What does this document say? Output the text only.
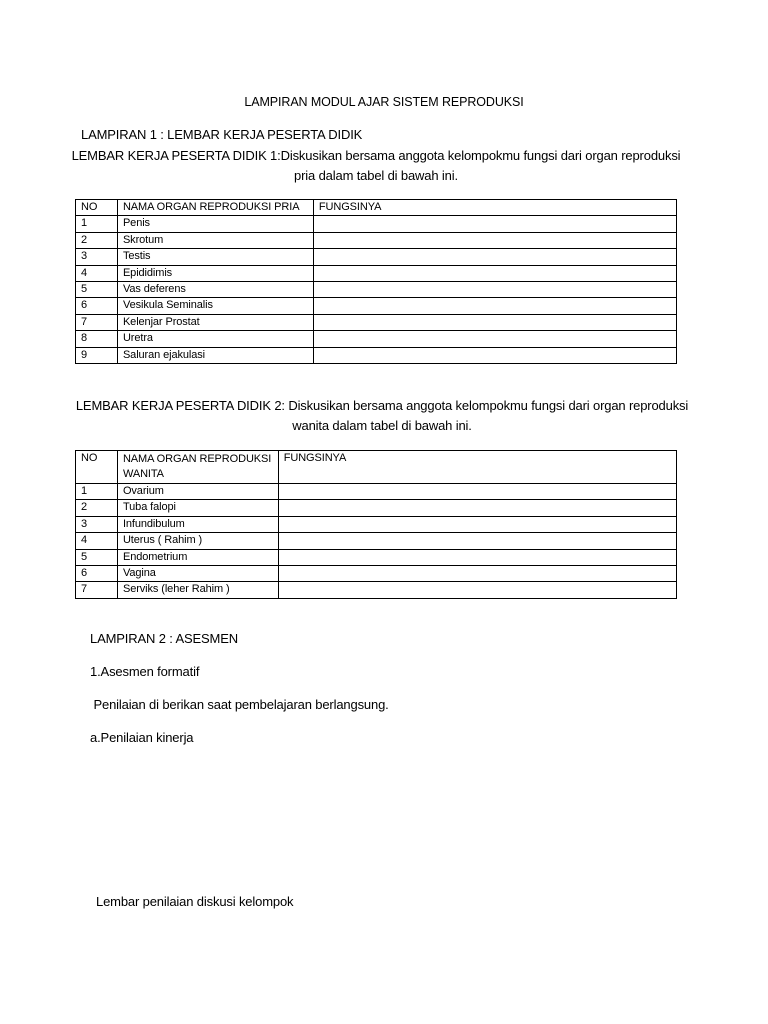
LAMPIRAN MODUL AJAR SISTEM REPRODUKSI
LAMPIRAN 1 : LEMBAR KERJA PESERTA DIDIK
LEMBAR KERJA PESERTA DIDIK 1:Diskusikan bersama anggota kelompokmu fungsi dari organ reproduksi
pria dalam tabel di bawah ini.
NO	NAMA ORGAN REPRODUKSI PRIA	FUNGSINYA
1	Penis	
2	Skrotum	
3	Testis	
4	Epididimis	
5	Vas deferens	
6	Vesikula Seminalis	
7	Kelenjar Prostat	
8	Uretra	
9	Saluran ejakulasi	
LEMBAR KERJA PESERTA DIDIK 2: Diskusikan bersama anggota kelompokmu fungsi dari organ reproduksi
wanita dalam tabel di bawah ini.
NO	NAMA ORGAN REPRODUKSI WANITA	FUNGSINYA
1	Ovarium	
2	Tuba falopi	
3	Infundibulum	
4	Uterus ( Rahim )	
5	Endometrium	
6	Vagina	
7	Serviks (leher Rahim )	
LAMPIRAN 2 : ASESMEN
1.Asesmen formatif
Penilaian di berikan saat pembelajaran berlangsung.
a.Penilaian kinerja
Lembar penilaian diskusi kelompok
